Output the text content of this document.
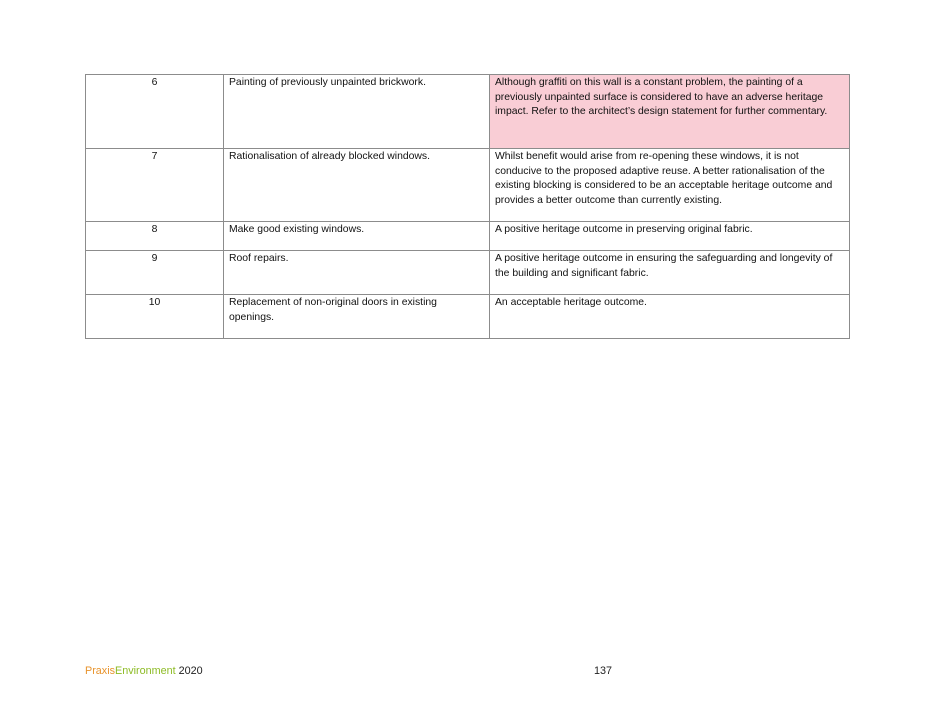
6	Painting of previously unpainted brickwork.	Although graffiti on this wall is a constant problem, the painting of a previously unpainted surface is considered to have an adverse heritage impact. Refer to the architect’s design statement for further commentary.
7	Rationalisation of already blocked windows.	Whilst benefit would arise from re-opening these windows, it is not conducive to the proposed adaptive reuse. A better rationalisation of the existing blocking is considered to be an acceptable heritage outcome and provides a better outcome than currently existing.
8	Make good existing windows.	A positive heritage outcome in preserving original fabric.
9	Roof repairs.	A positive heritage outcome in ensuring the safeguarding and longevity of the building and significant fabric.
10	Replacement of non-original doors in existing openings.	An acceptable heritage outcome.
PraxisEnvironment 2020	137
